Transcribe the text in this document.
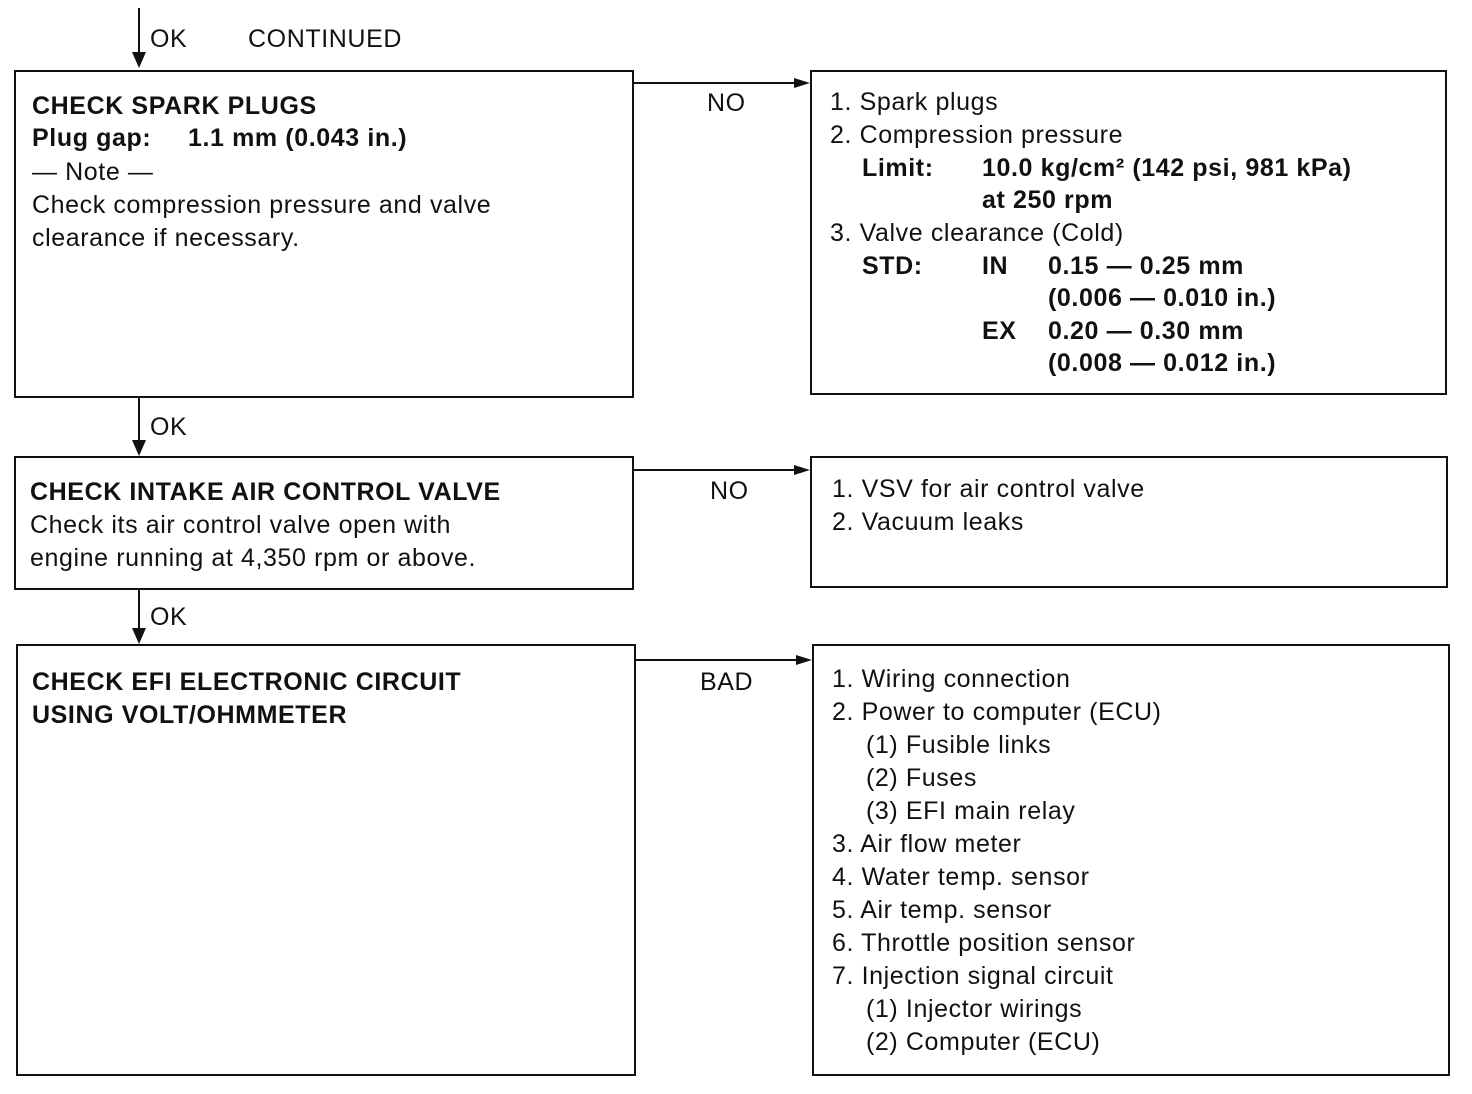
OK CONTINUED
CHECK SPARK PLUGS
Plug gap: 1.1 mm (0.043 in.)
— Note —
Check compression pressure and valve
clearance if necessary.
NO	1. Spark plugs
2. Compression pressure
Limit: 10.0 kg/cm² (142 psi, 981 kPa)
at 250 rpm
3. Valve clearance (Cold)
STD: IN 0.15 — 0.25 mm
(0.006 — 0.010 in.)
EX 0.20 — 0.30 mm
(0.008 — 0.012 in.)
OK
CHECK INTAKE AIR CONTROL VALVE
Check its air control valve open with
engine running at 4,350 rpm or above.
NO	1. VSV for air control valve
2. Vacuum leaks
OK
CHECK EFI ELECTRONIC CIRCUIT
USING VOLT/OHMMETER
BAD	1. Wiring connection
2. Power to computer (ECU)
(1) Fusible links
(2) Fuses
(3) EFI main relay
3. Air flow meter
4. Water temp. sensor
5. Air temp. sensor
6. Throttle position sensor
7. Injection signal circuit
(1) Injector wirings
(2) Computer (ECU)
